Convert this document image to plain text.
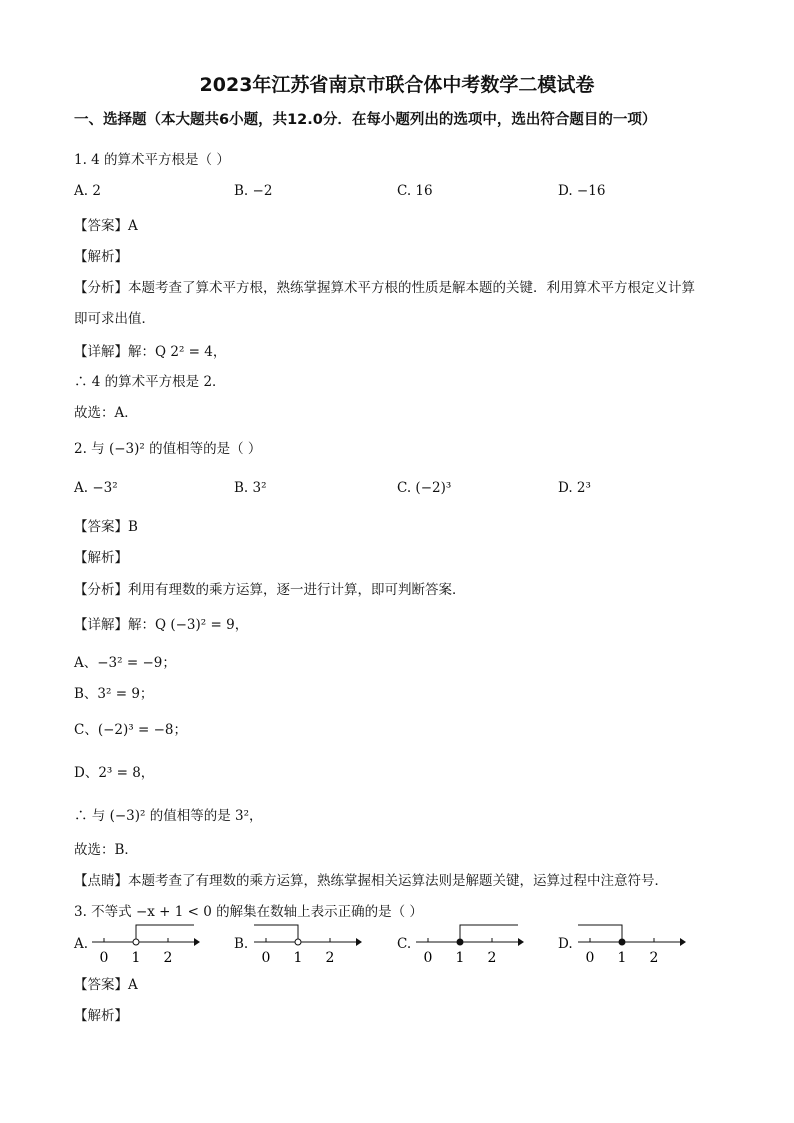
2023年江苏省南京市联合体中考数学二模试卷
一、选择题（本大题共6小题，共12.0分．在每小题列出的选项中，选出符合题目的一项）
1. 4 的算术平方根是（ ）
A. 2	B. −2	C. 16	D. −16
【答案】A
【解析】
【分析】本题考查了算术平方根，熟练掌握算术平方根的性质是解本题的关键．利用算术平方根定义计算
即可求出值．
【详解】解：Q 2² = 4，
∴ 4 的算术平方根是 2．
故选：A．
2. 与 (−3)² 的值相等的是（ ）
A. −3²	B. 3²	C. (−2)³	D. 2³
【答案】B
【解析】
【分析】利用有理数的乘方运算，逐一进行计算，即可判断答案．
【详解】解：Q (−3)² = 9，
A、−3² = −9；
B、3² = 9；
C、(−2)³ = −8；
D、2³ = 8，
∴ 与 (−3)² 的值相等的是 3²，
故选：B．
【点睛】本题考查了有理数的乘方运算，熟练掌握相关运算法则是解题关键，运算过程中注意符号．
3. 不等式 −x + 1 < 0 的解集在数轴上表示正确的是（ ）
A.
0 1 2
B.
0 1 2
C.
0 1 2
D.
0 1 2
【答案】A
【解析】
